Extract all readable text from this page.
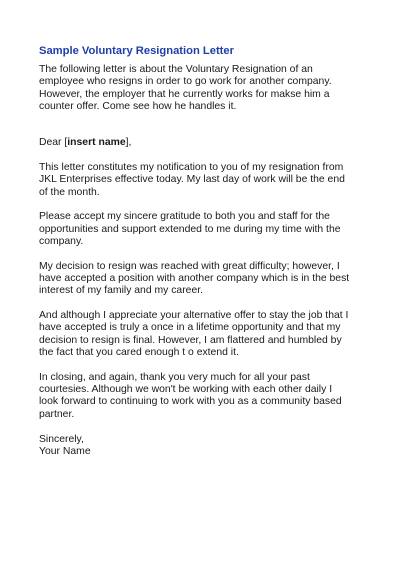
Sample Voluntary Resignation Letter

The following letter is about the Voluntary Resignation of an
employee who resigns in order to go work for another company.
However, the employer that he currently works for makse him a
counter offer. Come see how he handles it.

Dear [insert name],

This letter constitutes my notification to you of my resignation from
JKL Enterprises effective today. My last day of work will be the end
of the month.

Please accept my sincere gratitude to both you and staff for the
opportunities and support extended to me during my time with the
company.

My decision to resign was reached with great difficulty; however, I
have accepted a position with another company which is in the best
interest of my family and my career.

And although I appreciate your alternative offer to stay the job that I
have accepted is truly a once in a lifetime opportunity and that my
decision to resign is final. However, I am flattered and humbled by
the fact that you cared enough t o extend it.

In closing, and again, thank you very much for all your past
courtesies. Although we won't be working with each other daily I
look forward to continuing to work with you as a community based
partner.

Sincerely,
Your Name
